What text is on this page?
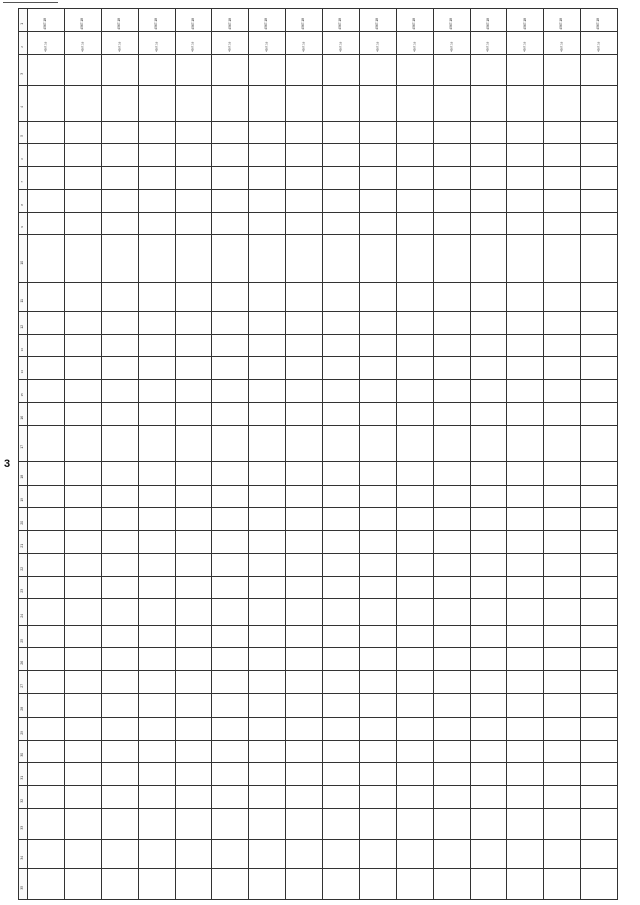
3
1	4567.18	4567.18	4567.18	4567.18	4567.18	4567.18	4567.18	4567.18	4567.18	4567.18	4567.18	4567.18	4567.18	4567.18	4567.18	4567.18
2	4567.16	4567.16	4567.16	4567.16	4567.16	4567.16	4567.16	4567.16	4567.16	4567.16	4567.16	4567.16	4567.16	4567.16	4567.16	4567.16
3																
4																
5																
6																
7																
8																
9																
10																
11																
12																
13																
14																
15																
16																
17																
18																
19																
20																
21																
22																
23																
24																
25																
26																
27																
28																
29																
30																
31																
32																
33																
34																
35																
